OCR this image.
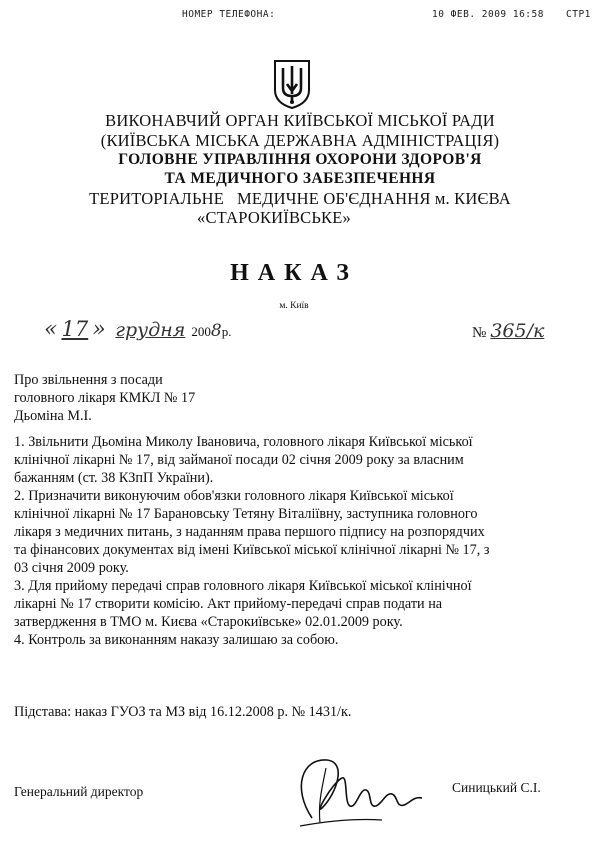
НОМЕР ТЕЛЕФОНА:	10 ФЕВ. 2009 16:58 СТР1
ВИКОНАВЧИЙ ОРГАН КИЇВСЬКОЇ МІСЬКОЇ РАДИ
(КИЇВСЬКА МІСЬКА ДЕРЖАВНА АДМІНІСТРАЦІЯ)
ГОЛОВНЕ УПРАВЛІННЯ ОХОРОНИ ЗДОРОВ'Я
ТА МЕДИЧНОГО ЗАБЕЗПЕЧЕННЯ
ТЕРИТОРІАЛЬНЕ   МЕДИЧНЕ ОБ'ЄДНАННЯ м. КИЄВА
«СТАРОКИЇВСЬКЕ»
НАКАЗ
м. Київ
« 17 » грудня 2008р.	№ 365/к
Про звільнення з посади
головного лікаря КМКЛ № 17
Дьоміна М.І.
1. Звільнити Дьоміна Миколу Івановича, головного лікаря Київської міської
клінічної лікарні № 17, від займаної посади 02 січня 2009 року за власним
бажанням (ст. 38 КЗпП України).
2. Призначити виконуючим обов'язки головного лікаря Київської міської
клінічної лікарні № 17 Барановську Тетяну Віталіївну, заступника головного
лікаря з медичних питань, з наданням права першого підпису на розпорядчих
та фінансових документах від імені Київської міської клінічної лікарні № 17, з
03 січня 2009 року.
3. Для прийому передачі справ головного лікаря Київської міської клінічної
лікарні № 17 створити комісію. Акт прийому-передачі справ подати на
затвердження в ТМО м. Києва «Старокиївське» 02.01.2009 року.
4. Контроль за виконанням наказу залишаю за собою.
Підстава: наказ ГУОЗ та МЗ від 16.12.2008 р. № 1431/к.
Генеральний директор	Синицький С.І.
